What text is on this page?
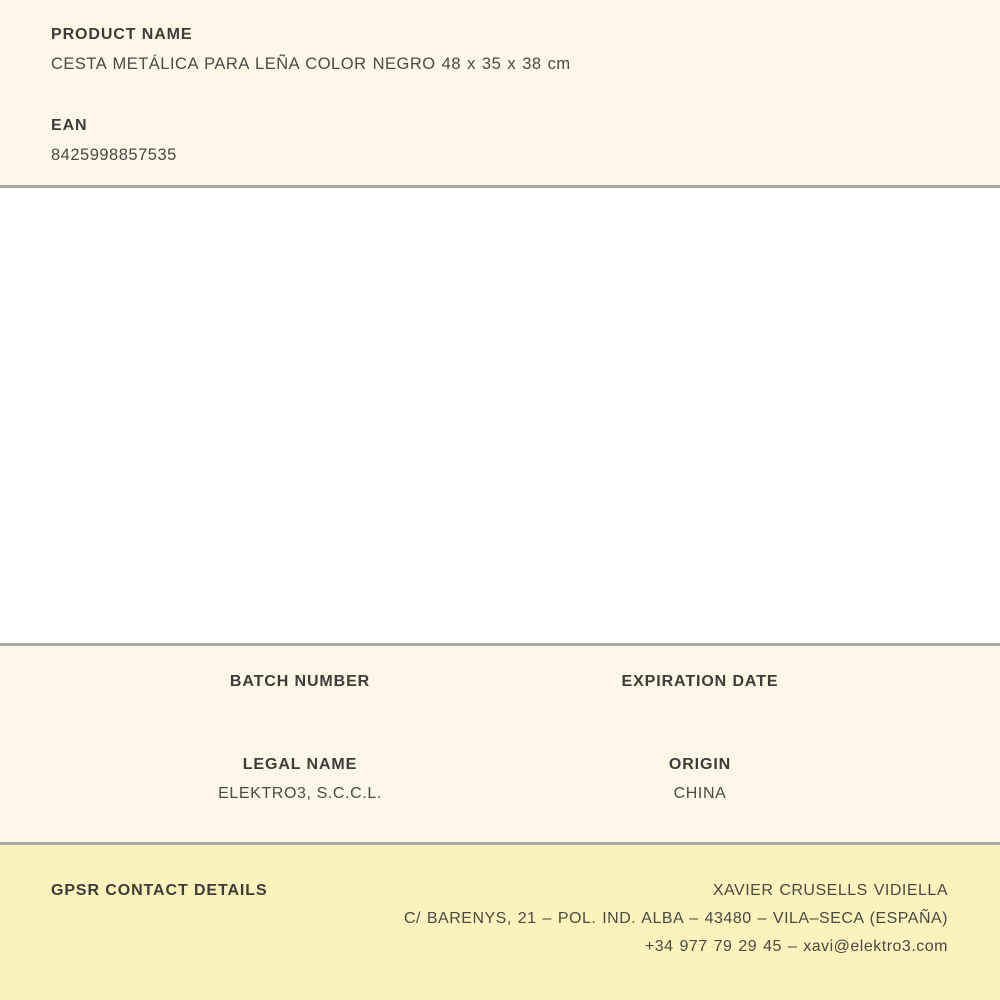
PRODUCT NAME
CESTA METÁLICA PARA LEÑA COLOR NEGRO 48 x 35 x 38 cm
EAN
8425998857535
BATCH NUMBER	EXPIRATION DATE
LEGAL NAME
ELEKTRO3, S.C.C.L.
ORIGIN
CHINA
GPSR CONTACT DETAILS	XAVIER CRUSELLS VIDIELLA
C/ BARENYS, 21 – POL. IND. ALBA – 43480 – VILA–SECA (ESPAÑA)
+34 977 79 29 45 – xavi@elektro3.com
